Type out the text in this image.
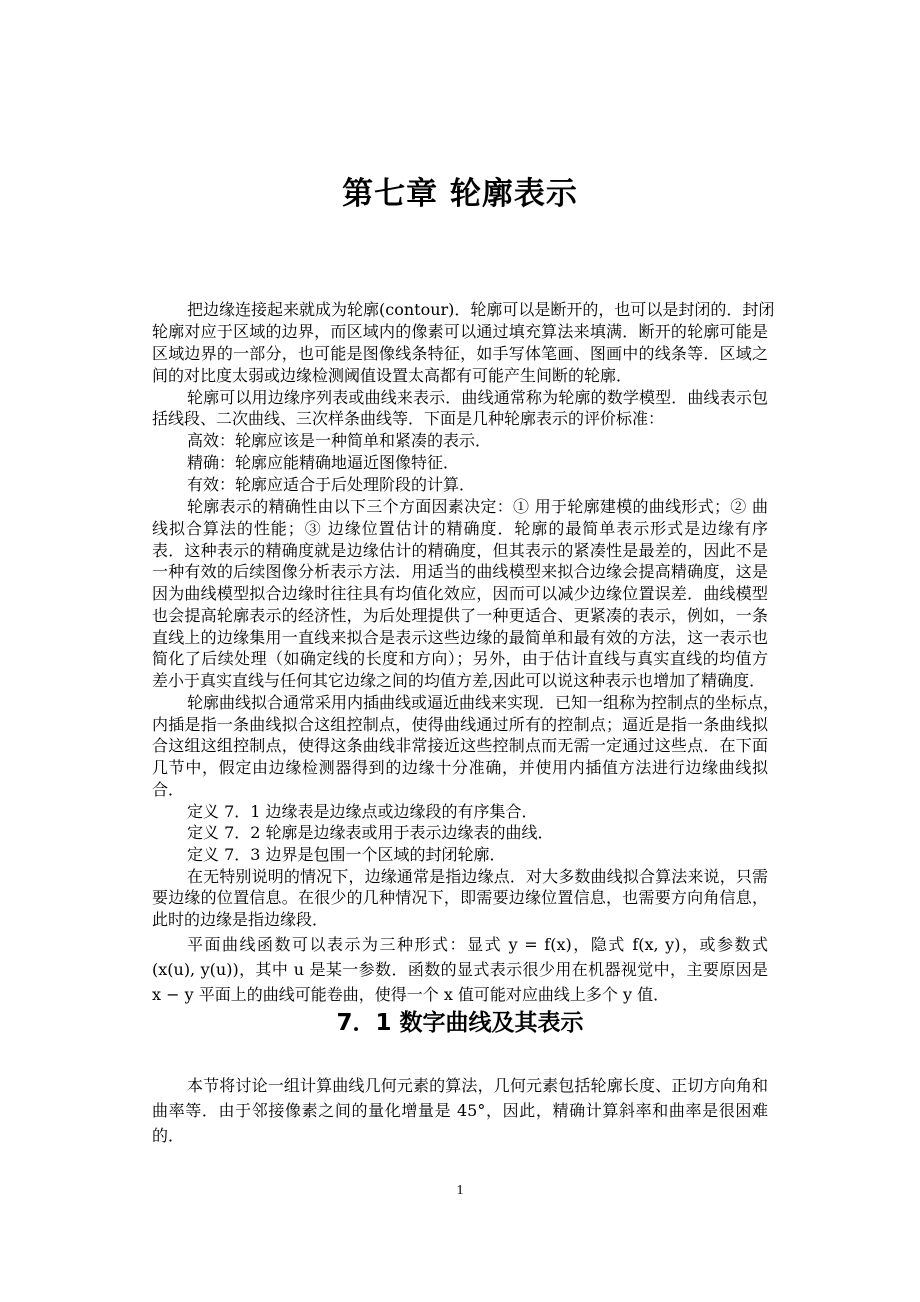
第七章 轮廓表示
把边缘连接起来就成为轮廓(contour)．轮廓可以是断开的，也可以是封闭的．封闭
轮廓对应于区域的边界，而区域内的像素可以通过填充算法来填满．断开的轮廓可能是
区域边界的一部分，也可能是图像线条特征，如手写体笔画、图画中的线条等．区域之
间的对比度太弱或边缘检测阈值设置太高都有可能产生间断的轮廓．
轮廓可以用边缘序列表或曲线来表示．曲线通常称为轮廓的数学模型．曲线表示包
括线段、二次曲线、三次样条曲线等．下面是几种轮廓表示的评价标准：
高效：轮廓应该是一种简单和紧凑的表示．
精确：轮廓应能精确地逼近图像特征．
有效：轮廓应适合于后处理阶段的计算．
轮廓表示的精确性由以下三个方面因素决定：① 用于轮廓建模的曲线形式；② 曲
线拟合算法的性能；③ 边缘位置估计的精确度．轮廓的最简单表示形式是边缘有序
表．这种表示的精确度就是边缘估计的精确度，但其表示的紧凑性是最差的，因此不是
一种有效的后续图像分析表示方法．用适当的曲线模型来拟合边缘会提高精确度，这是
因为曲线模型拟合边缘时往往具有均值化效应，因而可以减少边缘位置误差．曲线模型
也会提高轮廓表示的经济性，为后处理提供了一种更适合、更紧凑的表示，例如，一条
直线上的边缘集用一直线来拟合是表示这些边缘的最简单和最有效的方法，这一表示也
简化了后续处理（如确定线的长度和方向）；另外，由于估计直线与真实直线的均值方
差小于真实直线与任何其它边缘之间的均值方差,因此可以说这种表示也增加了精确度．
轮廓曲线拟合通常采用内插曲线或逼近曲线来实现．已知一组称为控制点的坐标点，
内插是指一条曲线拟合这组控制点，使得曲线通过所有的控制点；逼近是指一条曲线拟
合这组这组控制点，使得这条曲线非常接近这些控制点而无需一定通过这些点．在下面
几节中，假定由边缘检测器得到的边缘十分准确，并使用内插值方法进行边缘曲线拟
合．
定义 7．1 边缘表是边缘点或边缘段的有序集合．
定义 7．2 轮廓是边缘表或用于表示边缘表的曲线．
定义 7．3 边界是包围一个区域的封闭轮廓．
在无特别说明的情况下，边缘通常是指边缘点．对大多数曲线拟合算法来说，只需
要边缘的位置信息。在很少的几种情况下，即需要边缘位置信息，也需要方向角信息，
此时的边缘是指边缘段．
平面曲线函数可以表示为三种形式：显式 y = f(x)，隐式 f(x, y)，或参数式
(x(u), y(u))，其中 u 是某一参数．函数的显式表示很少用在机器视觉中，主要原因是
x − y 平面上的曲线可能卷曲，使得一个 x 值可能对应曲线上多个 y 值．
7．1 数字曲线及其表示
本节将讨论一组计算曲线几何元素的算法，几何元素包括轮廓长度、正切方向角和
曲率等．由于邻接像素之间的量化增量是 45°，因此，精确计算斜率和曲率是很困难
的．
1
